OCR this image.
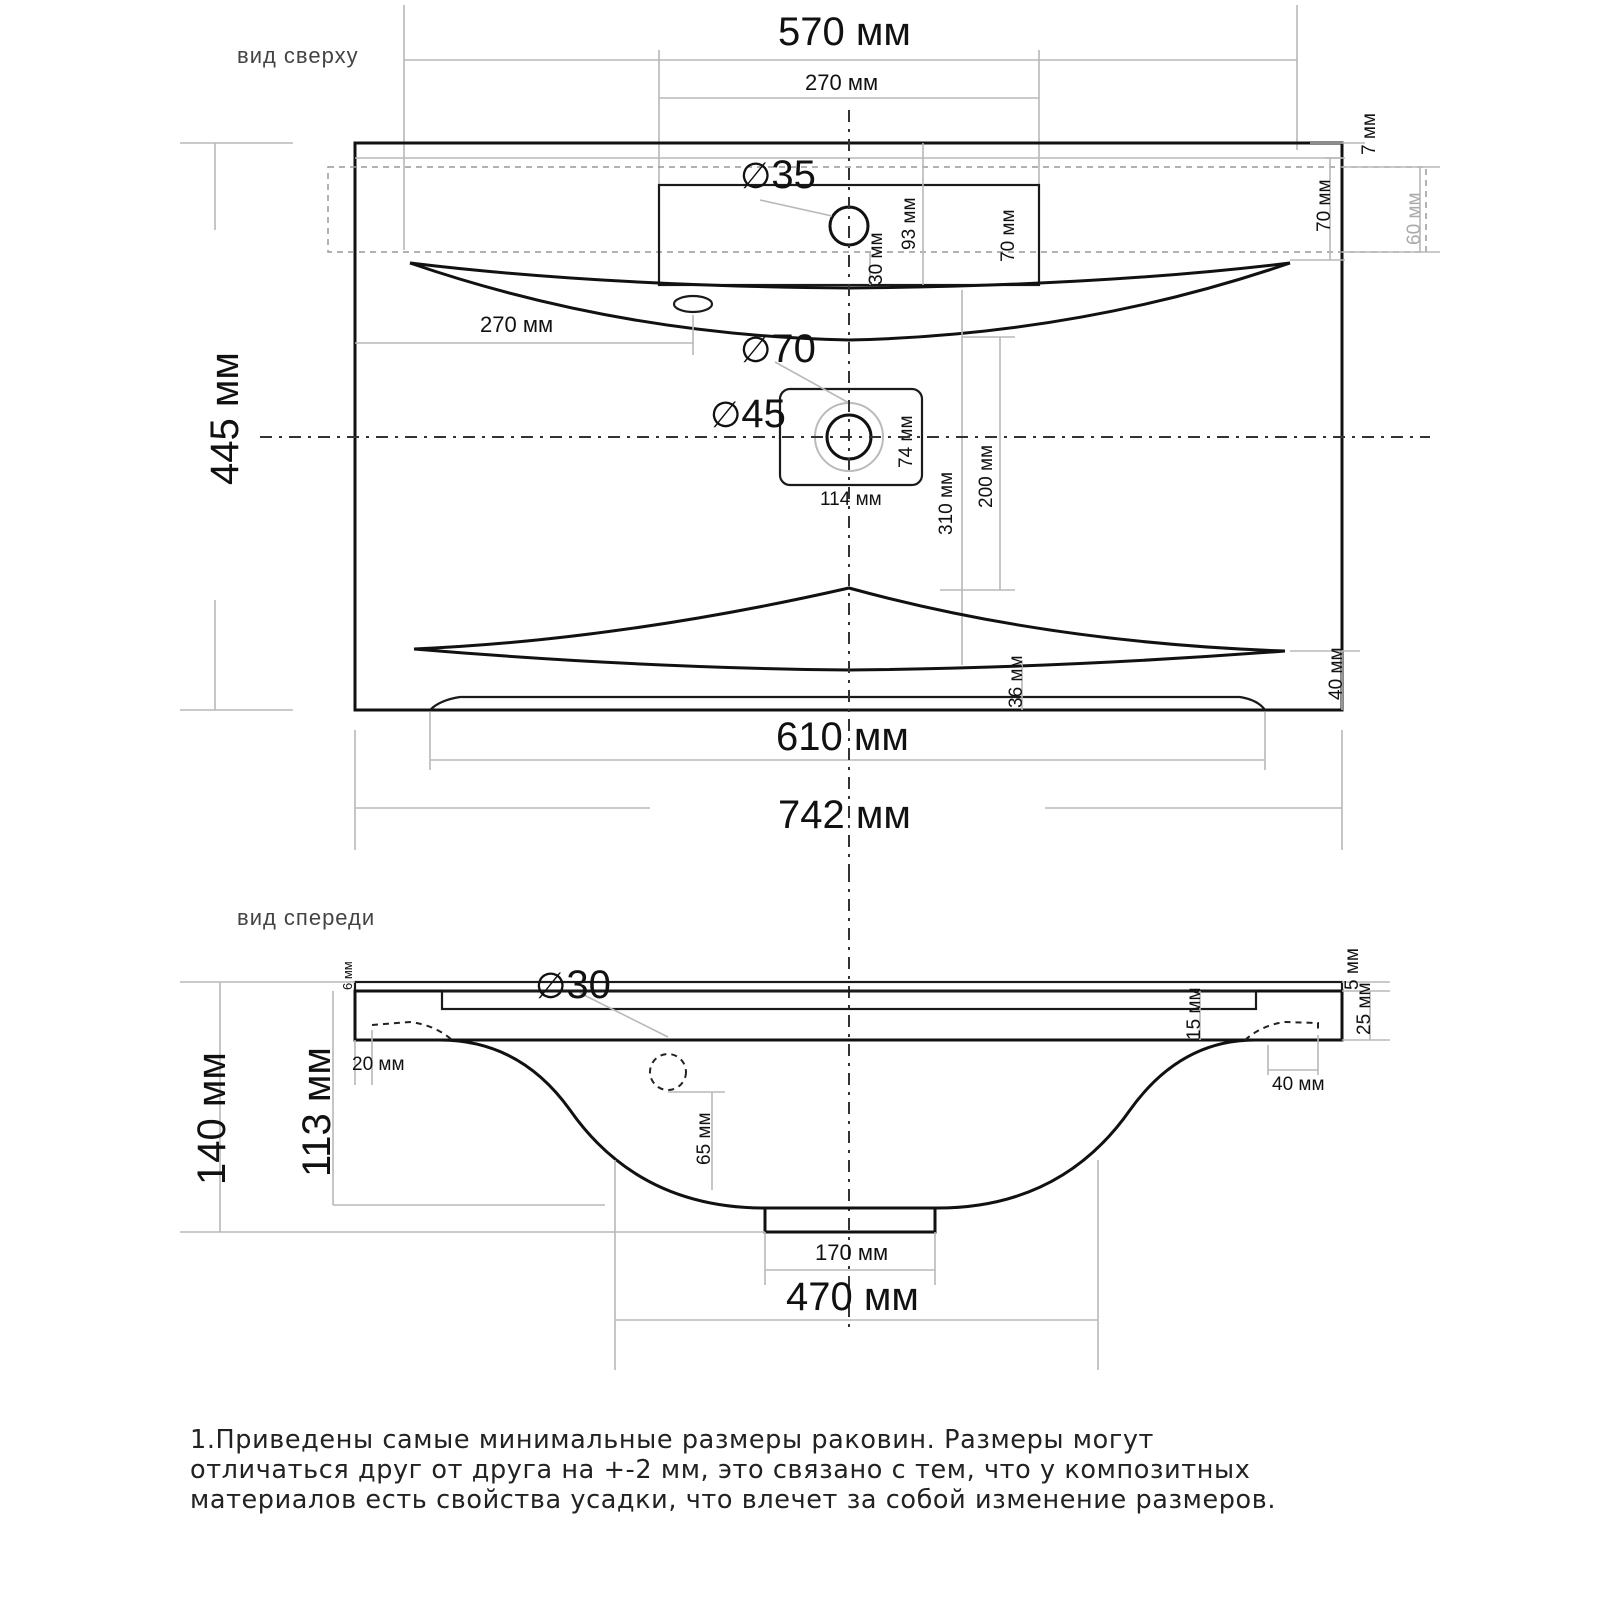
вид сверху
570 мм
270 мм
60 мм
7 мм
70 мм
∅35
93 мм	70 мм
30 мм
270 мм
∅70
∅45
74 мм
114 мм	310 мм 200 мм
36 мм	40 мм
445 мм
610 мм
742 мм
вид спереди
∅30
6 мм	5 мм
25 мм
15 мм
20 мм
40 мм
140 мм 113 мм	65 мм
170 мм
470 мм
1.Приведены самые минимальные размеры раковин. Размеры могут
отличаться друг от друга на +-2 мм, это связано с тем, что у композитных
материалов есть свойства усадки, что влечет за собой изменение размеров.
